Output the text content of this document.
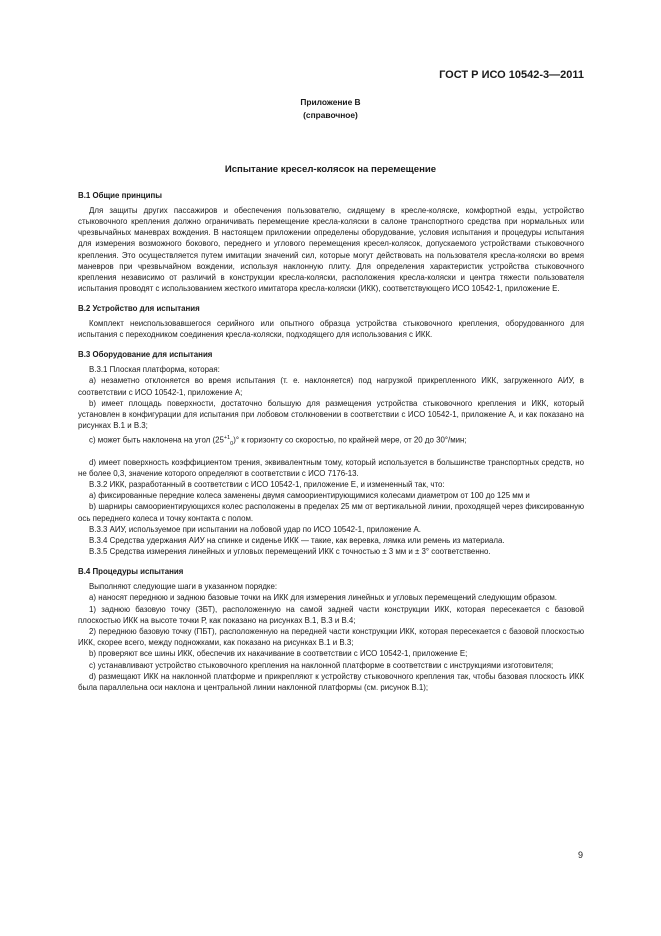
ГОСТ Р ИСО 10542-3—2011
Приложение В
(справочное)
Испытание кресел-колясок на перемещение
В.1 Общие принципы

Для защиты других пассажиров и обеспечения пользователю, сидящему в кресле-коляске, комфортной езды, устройство стыковочного крепления должно ограничивать перемещение кресла-коляски в салоне транспортного средства при нормальных или чрезвычайных маневрах вождения. В настоящем приложении определены оборудование, условия испытания и процедуры испытания для измерения возможного бокового, переднего и углового перемещения кресел-колясок, допускаемого устройствами стыковочного крепления. Это осуществляется путем имитации значений сил, которые могут действовать на пользователя кресла-коляски во время маневров при чрезвычайном вождении, используя наклонную плиту. Для определения характеристик устройства стыковочного крепления независимо от различий в конструкции кресла-коляски, расположения кресла-коляски и центра тяжести пользователя испытания проводят с использованием жесткого имитатора кресла-коляски (ИКК), соответствующего ИСО 10542-1, приложение Е.

В.2 Устройство для испытания

Комплект неиспользовавшегося серийного или опытного образца устройства стыковочного крепления, оборудованного для испытания с переходником соединения кресла-коляски, подходящего для использования с ИКК.

В.3 Оборудование для испытания

В.3.1 Плоская платформа, которая:

a) незаметно отклоняется во время испытания (т. е. наклоняется) под нагрузкой прикрепленного ИКК, загруженного АИУ, в соответствии с ИСО 10542-1, приложение А;

b) имеет площадь поверхности, достаточно большую для размещения устройства стыковочного крепления и ИКК, который установлен в конфигурации для испытания при лобовом столкновении в соответствии с ИСО 10542-1, приложение А, и как показано на рисунках В.1 и В.3;

c) может быть наклонена на угол $(25^{+1}_0)^\circ$ к горизонту со скоростью, по крайней мере, от 20 до 30°/мин;

d) имеет поверхность коэффициентом трения, эквивалентным тому, который используется в большинстве транспортных средств, но не более 0,3, значение которого определяют в соответствии с ИСО 7176-13.

В.3.2 ИКК, разработанный в соответствии с ИСО 10542-1, приложение Е, и измененный так, что:

a) фиксированные передние колеса заменены двумя самоориентирующимися колесами диаметром от 100 до 125 мм и

b) шарниры самоориентирующихся колес расположены в пределах 25 мм от вертикальной линии, проходящей через фиксированную ось переднего колеса и точку контакта с полом.

В.3.3 АИУ, используемое при испытании на лобовой удар по ИСО 10542-1, приложение А.

В.3.4 Средства удержания АИУ на спинке и сиденье ИКК — такие, как веревка, лямка или ремень из материала.

В.3.5 Средства измерения линейных и угловых перемещений ИКК с точностью ± 3 мм и ± 3° соответственно.

В.4 Процедуры испытания

Выполняют следующие шаги в указанном порядке:

a) наносят переднюю и заднюю базовые точки на ИКК для измерения линейных и угловых перемещений следующим образом.

1) заднюю базовую точку (ЗБТ), расположенную на самой задней части конструкции ИКК, которая пересекается с базовой плоскостью ИКК на высоте точки Р, как показано на рисунках В.1, В.3 и В.4;

2) переднюю базовую точку (ПБТ), расположенную на передней части конструкции ИКК, которая пересекается с базовой плоскостью ИКК, скорее всего, между подножками, как показано на рисунках В.1 и В.3;

b) проверяют все шины ИКК, обеспечив их накачивание в соответствии с ИСО 10542-1, приложение Е;

c) устанавливают устройство стыковочного крепления на наклонной платформе в соответствии с инструкциями изготовителя;

d) размещают ИКК на наклонной платформе и прикрепляют к устройству стыковочного крепления так, чтобы базовая плоскость ИКК была параллельна оси наклона и центральной линии наклонной платформы (см. рисунок В.1);

9
